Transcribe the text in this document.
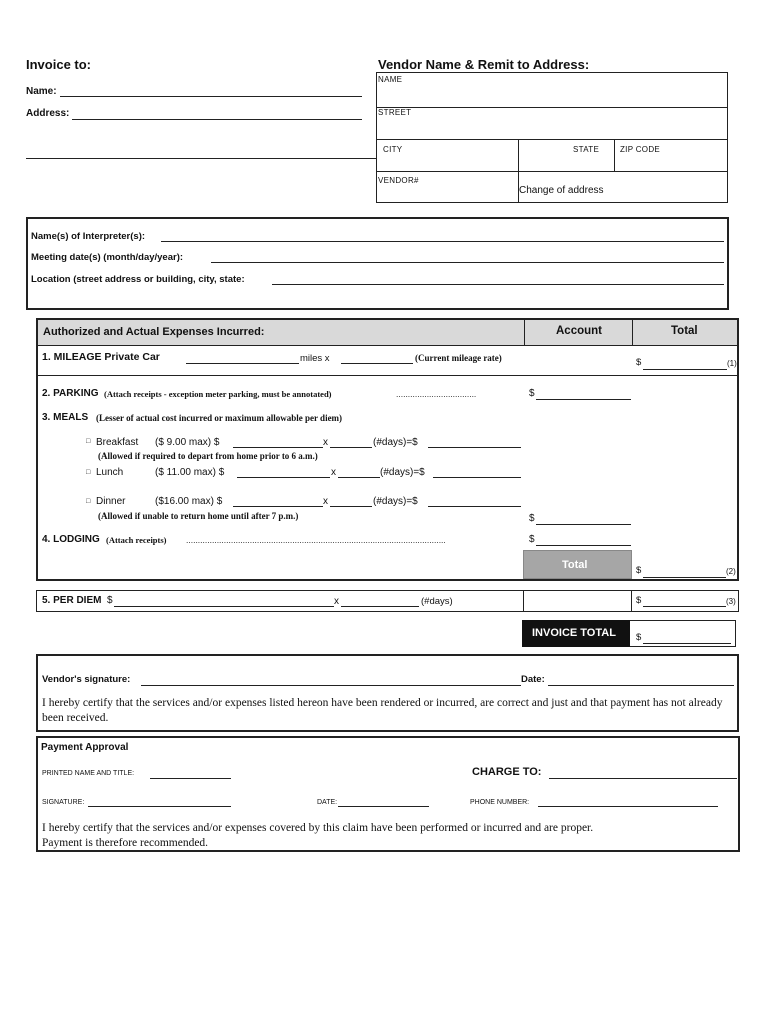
Invoice to:
Name:
Address:
Vendor Name & Remit to Address:
NAME
STREET
CITY	STATE	ZIP CODE
VENDOR#
Change of address
Name(s) of Interpreter(s):
Meeting date(s) (month/day/year):
Location (street address or building, city, state:
Authorized and Actual Expenses Incurred:	Account	Total
1. MILEAGE Private Car	miles x	(Current mileage rate)	$	(1)
2. PARKING (Attach receipts - exception meter parking, must be annotated)	..................................	$
3. MEALS (Lesser of actual cost incurred or maximum allowable per diem)
□ Breakfast ($ 9.00 max) $	x	(#days)=$
(Allowed if required to depart from home prior to 6 a.m.)
□ Lunch	($ 11.00 max) $	x	(#days)=$
□ Dinner	($16.00 max) $	x	(#days)=$
(Allowed if unable to return home until after 7 p.m.)	$
4. LODGING (Attach receipts) ..............................................................................................................	$
Total	$	(2)
5. PER DIEM $	x	(#days)	$	(3)
INVOICE TOTAL $
Vendor's signature:	Date:
I hereby certify that the services and/or expenses listed hereon have been rendered or incurred, are correct and just and that payment has not already been received.
Payment Approval
PRINTED NAME AND TITLE:	CHARGE TO:
SIGNATURE:	DATE:	PHONE NUMBER:
I hereby certify that the services and/or expenses covered by this claim have been performed or incurred and are proper.
Payment is therefore recommended.
